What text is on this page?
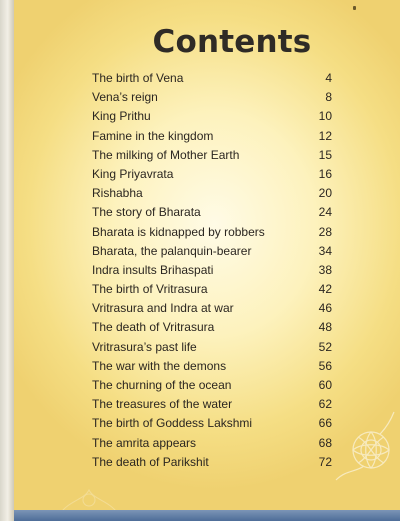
Contents
The birth of Vena	4
Vena’s reign	8
King Prithu	10
Famine in the kingdom	12
The milking of Mother Earth	15
King Priyavrata	16
Rishabha	20
The story of Bharata	24
Bharata is kidnapped by robbers	28
Bharata, the palanquin-bearer	34
Indra insults Brihaspati	38
The birth of Vritrasura	42
Vritrasura and Indra at war	46
The death of Vritrasura	48
Vritrasura’s past life	52
The war with the demons	56
The churning of the ocean	60
The treasures of the water	62
The birth of Goddess Lakshmi	66
The amrita appears	68
The death of Parikshit	72
